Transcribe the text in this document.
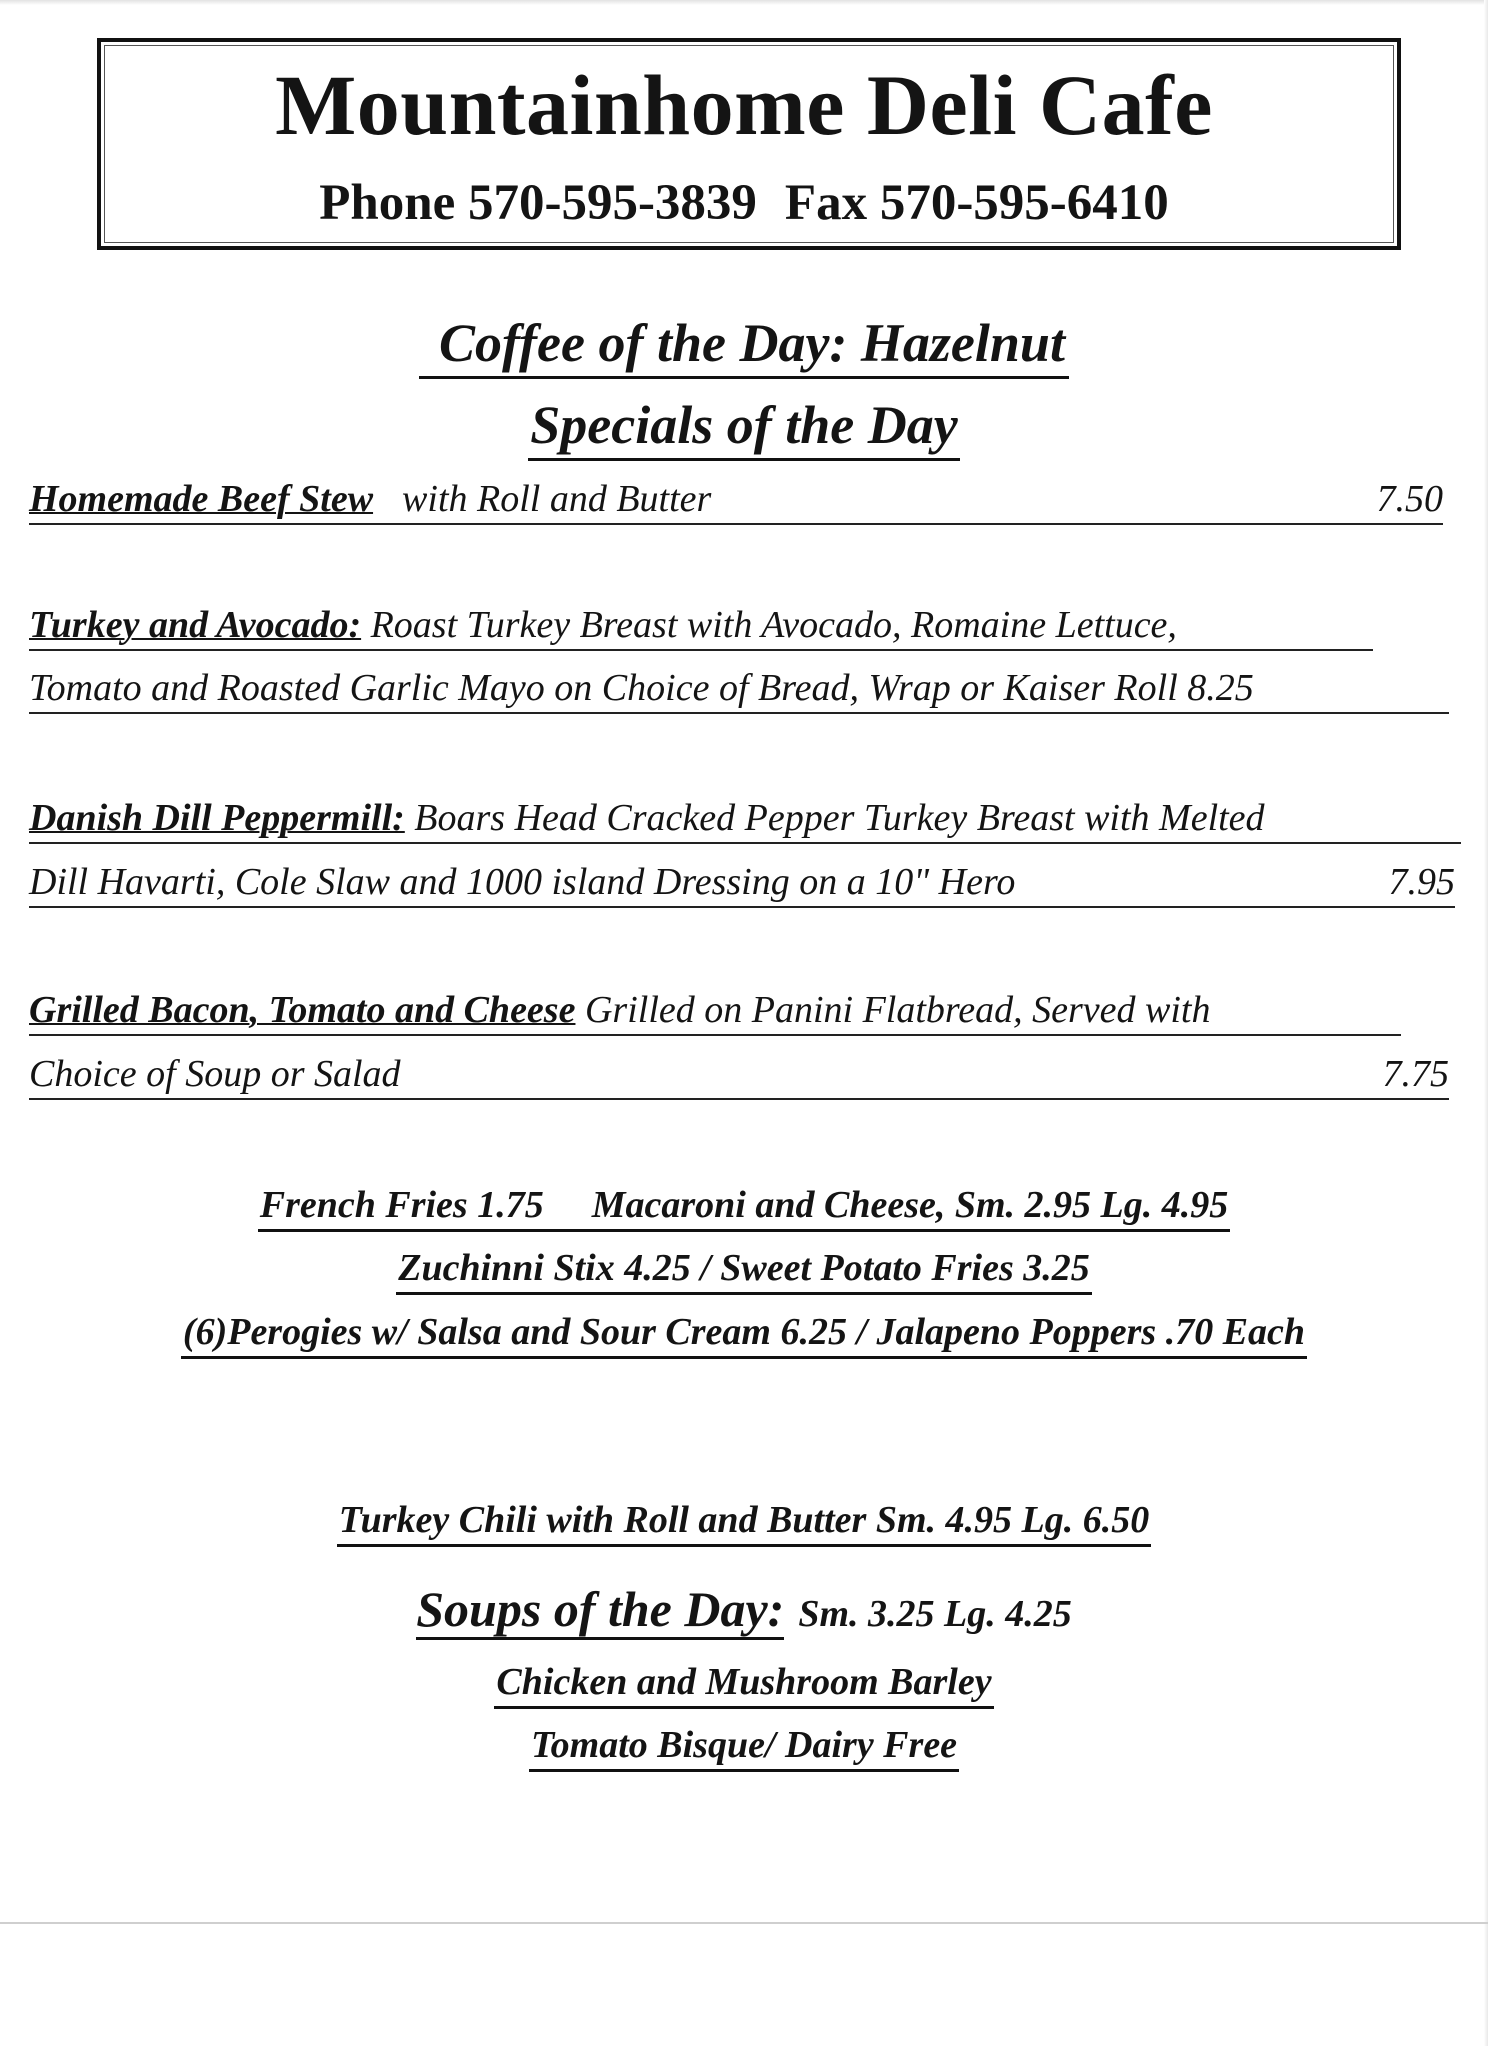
Mountainhome Deli Cafe
Phone 570-595-3839 Fax 570-595-6410
Coffee of the Day: Hazelnut
Specials of the Day
Homemade Beef Stew with Roll and Butter	7.50
Turkey and Avocado: Roast Turkey Breast with Avocado, Romaine Lettuce,
Tomato and Roasted Garlic Mayo on Choice of Bread, Wrap or Kaiser Roll 8.25
Danish Dill Peppermill: Boars Head Cracked Pepper Turkey Breast with Melted
Dill Havarti, Cole Slaw and 1000 island Dressing on a 10" Hero	7.95
Grilled Bacon, Tomato and Cheese Grilled on Panini Flatbread, Served with
Choice of Soup or Salad	7.75
French Fries 1.75 Macaroni and Cheese, Sm. 2.95 Lg. 4.95
Zuchinni Stix 4.25 / Sweet Potato Fries 3.25
(6)Perogies w/ Salsa and Sour Cream 6.25 / Jalapeno Poppers .70 Each
Turkey Chili with Roll and Butter Sm. 4.95 Lg. 6.50
Soups of the Day: Sm. 3.25 Lg. 4.25
Chicken and Mushroom Barley
Tomato Bisque/ Dairy Free
